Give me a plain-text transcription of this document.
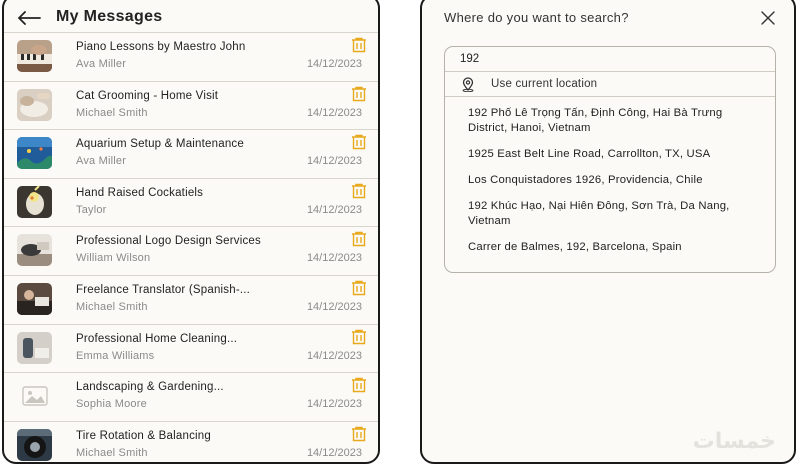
My Messages
Piano Lessons by Maestro John
Ava Miller	14/12/2023
Cat Grooming - Home Visit
Michael Smith	14/12/2023
Aquarium Setup & Maintenance
Ava Miller	14/12/2023
Hand Raised Cockatiels
Taylor	14/12/2023
Professional Logo Design Services
William Wilson	14/12/2023
Freelance Translator (Spanish-...
Michael Smith	14/12/2023
Professional Home Cleaning...
Emma Williams	14/12/2023
Landscaping & Gardening...
Sophia Moore	14/12/2023
Tire Rotation & Balancing
Michael Smith	14/12/2023
Where do you want to search?
192
Use current location
192 Phố Lê Trọng Tấn, Định Công, Hai Bà Trưng District, Hanoi, Vietnam
1925 East Belt Line Road, Carrollton, TX, USA
Los Conquistadores 1926, Providencia, Chile
192 Khúc Hạo, Nại Hiên Đông, Sơn Trà, Da Nang, Vietnam
Carrer de Balmes, 192, Barcelona, Spain
خمسات
